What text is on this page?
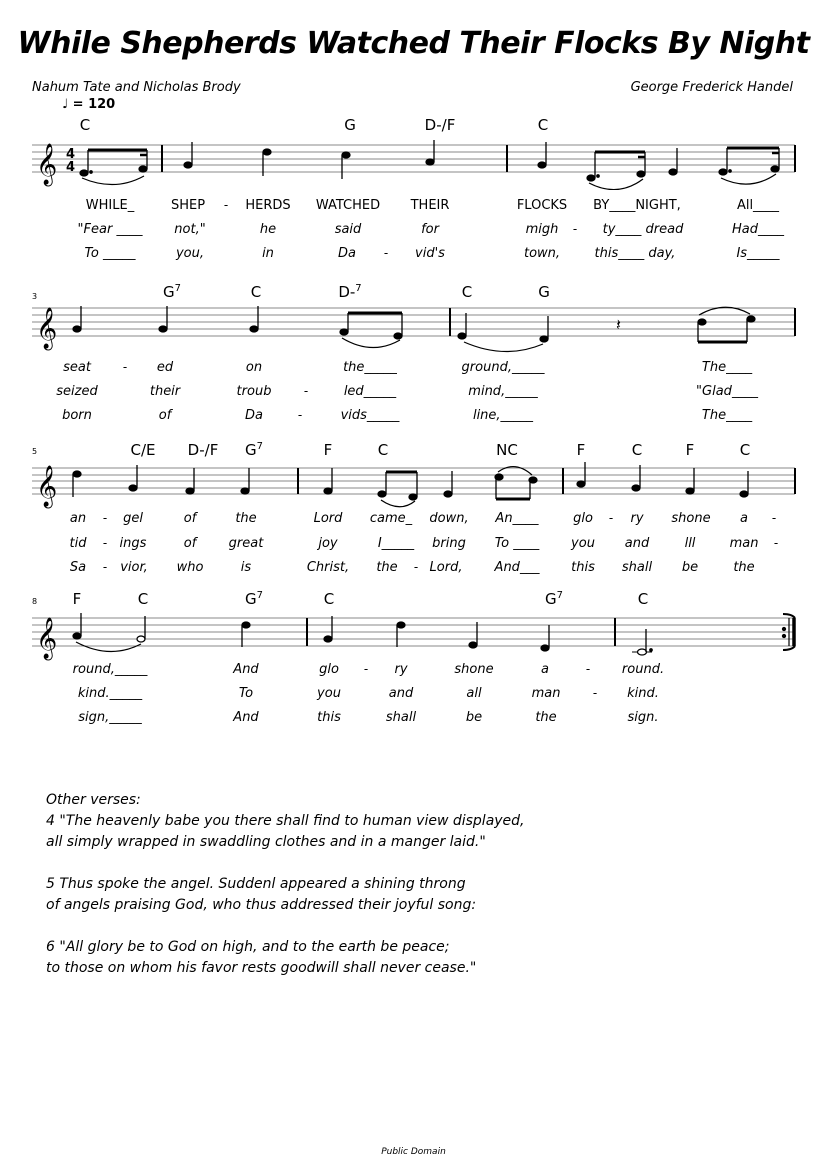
While Shepherds Watched Their Flocks By Night
Nahum Tate and Nicholas Brody	George Frederick Handel
♩ = 120
𝄞 4
4
C	G	D-/F	C
WHILE_	SHEP - HERDS WATCHED THEIR	FLOCKS BY____NIGHT,	All____
"Fear ____ not,"	he	said	for	migh - ty____ dread	Had____
To _____	you,	in	Da - vid's	town,	this____ day,	Is_____
3
𝄞	𝄽
$G^7$	C	D-$^7$	C	G
seat	- ed	on	the_____	ground,_____	The____
seized	their	troub	-	led_____	mind,_____	"Glad____
born	of	Da	-	vids_____	line,_____	The____
5
𝄞
C/E D-/F $G^7$	F	C	NC	F	C	F	C
an - gel	of	the	Lord came_ down, An____	glo - ry shone a -
tid - ings	of great	joy	I_____ bring To ____ you and	lll	man -
Sa - vior, who	is	Christ, the - Lord, And___ this shall be	the
8
𝄞
F	C	$G^7$	C	$G^7$	C
round,_____	And	glo - ry	shone	a	- round.
kind._____	To	you	and	all	man	- kind.
sign,_____	And	this	shall	be	the	sign.
Other verses:

4 "The heavenly babe you there shall find to human view displayed,
all simply wrapped in swaddling clothes and in a manger laid."

5 Thus spoke the angel. Suddenl appeared a shining throng
of angels praising God, who thus addressed their joyful song:

6 "All glory be to God on high, and to the earth be peace;
to those on whom his favor rests goodwill shall never cease."

Public Domain
